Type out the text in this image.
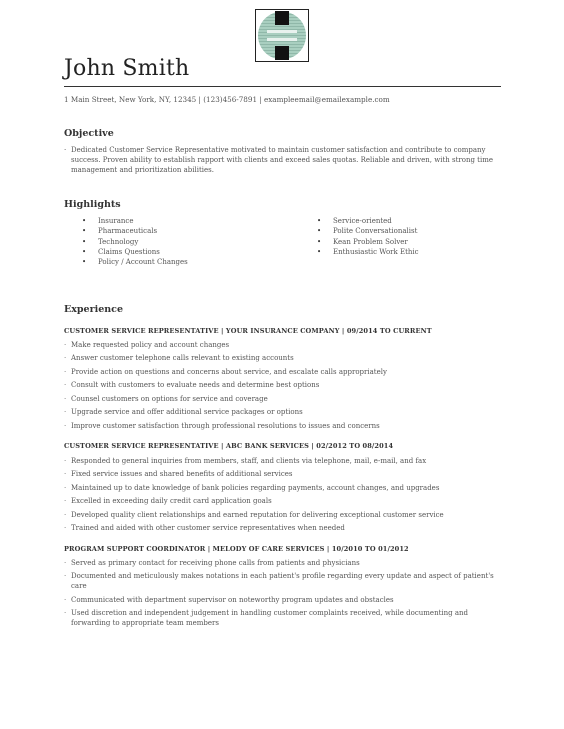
John Smith
1 Main Street, New York, NY, 12345 | (123)456-7891 | exampleemail@emailexample.com
Objective
· Dedicated Customer Service Representative motivated to maintain customer satisfaction and contribute to company success. Proven ability to establish rapport with clients and exceed sales quotas. Reliable and driven, with strong time management and prioritization abilities.
Highlights
• Insurance
• Pharmaceuticals
• Technology
• Claims Questions
• Policy / Account Changes
• Service-oriented
• Polite Conversationalist
• Kean Problem Solver
• Enthusiastic Work Ethic
Experience
CUSTOMER SERVICE REPRESENTATIVE | YOUR INSURANCE COMPANY | 09/2014 TO CURRENT
· Make requested policy and account changes
· Answer customer telephone calls relevant to existing accounts
· Provide action on questions and concerns about service, and escalate calls appropriately
· Consult with customers to evaluate needs and determine best options
· Counsel customers on options for service and coverage
· Upgrade service and offer additional service packages or options
· Improve customer satisfaction through professional resolutions to issues and concerns
CUSTOMER SERVICE REPRESENTATIVE | ABC BANK SERVICES | 02/2012 TO 08/2014
· Responded to general inquiries from members, staff, and clients via telephone, mail, e-mail, and fax
· Fixed service issues and shared benefits of additional services
· Maintained up to date knowledge of bank policies regarding payments, account changes, and upgrades
· Excelled in exceeding daily credit card application goals
· Developed quality client relationships and earned reputation for delivering exceptional customer service
· Trained and aided with other customer service representatives when needed
PROGRAM SUPPORT COORDINATOR | MELODY OF CARE SERVICES | 10/2010 TO 01/2012
· Served as primary contact for receiving phone calls from patients and physicians
· Documented and meticulously makes notations in each patient's profile regarding every update and aspect of patient's care
· Communicated with department supervisor on noteworthy program updates and obstacles
· Used discretion and independent judgement in handling customer complaints received, while documenting and forwarding to appropriate team members
